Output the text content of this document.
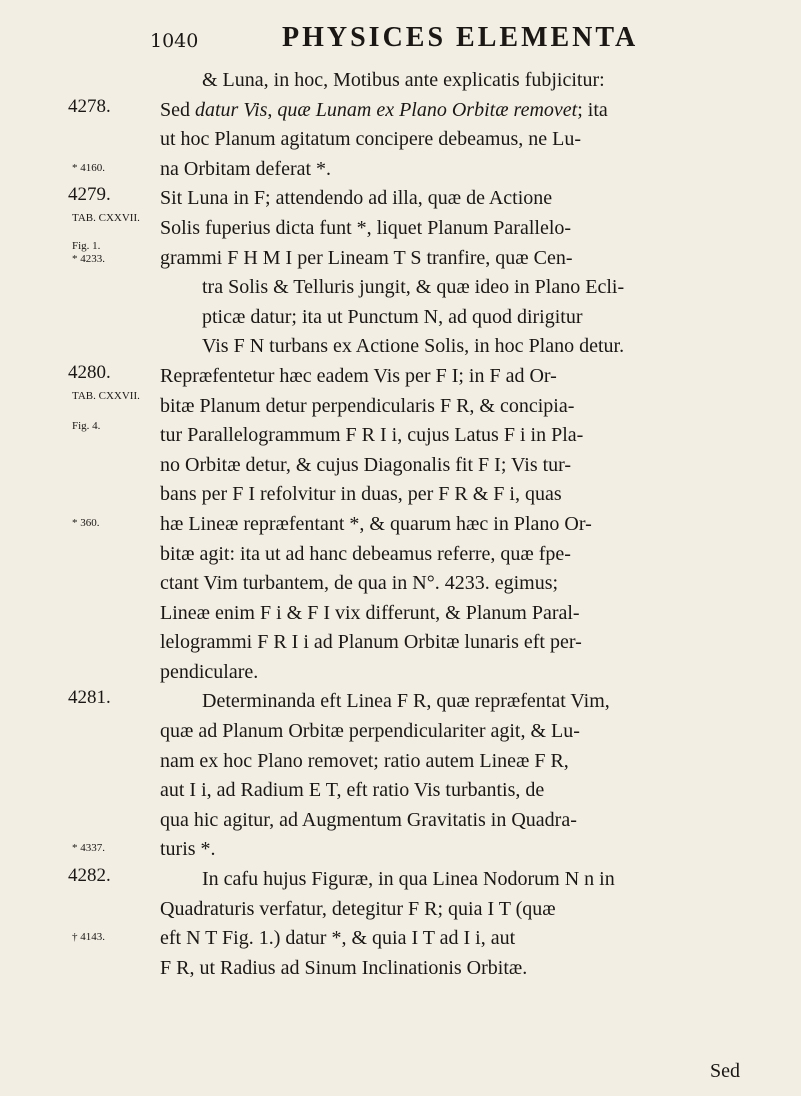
1040	PHYSICES ELEMENTA
& Luna, in hoc, Motibus ante explicatis fubjicitur:
4278.
* 4160.
Sed datur Vis, quæ Lunam ex Plano Orbitæ removet; ita
ut hoc Planum agitatum concipere debeamus, ne Lu-
na Orbitam deferat *.
4279.
TAB. CXXVII.
Fig. 1.
* 4233.
Sit Luna in F; attendendo ad illa, quæ de Actione
Solis fuperius dicta funt *, liquet Planum Parallelo-
grammi F H M I per Lineam T S tranfire, quæ Cen-
tra Solis & Telluris jungit, & quæ ideo in Plano Ecli-
pticæ datur; ita ut Punctum N, ad quod dirigitur
Vis F N turbans ex Actione Solis, in hoc Plano detur.
4280.
TAB. CXXVII.
Fig. 4.
* 360.
Repræfentetur hæc eadem Vis per F I; in F ad Or-
bitæ Planum detur perpendicularis F R, & concipia-
tur Parallelogrammum F R I i, cujus Latus F i in Pla-
no Orbitæ detur, & cujus Diagonalis fit F I; Vis tur-
bans per F I refolvitur in duas, per F R & F i, quas
hæ Lineæ repræfentant *, & quarum hæc in Plano Or-
bitæ agit: ita ut ad hanc debeamus referre, quæ fpe-
ctant Vim turbantem, de qua in N°. 4233. egimus;
Lineæ enim F i & F I vix differunt, & Planum Paral-
lelogrammi F R I i ad Planum Orbitæ lunaris eft per-
pendiculare.
4281.
* 4337.
Determinanda eft Linea F R, quæ repræfentat Vim,
quæ ad Planum Orbitæ perpendiculariter agit, & Lu-
nam ex hoc Plano removet; ratio autem Lineæ F R,
aut I i, ad Radium E T, eft ratio Vis turbantis, de
qua hic agitur, ad Augmentum Gravitatis in Quadra-
turis *.
4282.
† 4143.
In cafu hujus Figuræ, in qua Linea Nodorum N n in
Quadraturis verfatur, detegitur F R; quia I T (quæ
eft N T Fig. 1.) datur *, & quia I T ad I i, aut
F R, ut Radius ad Sinum Inclinationis Orbitæ.
Sed
